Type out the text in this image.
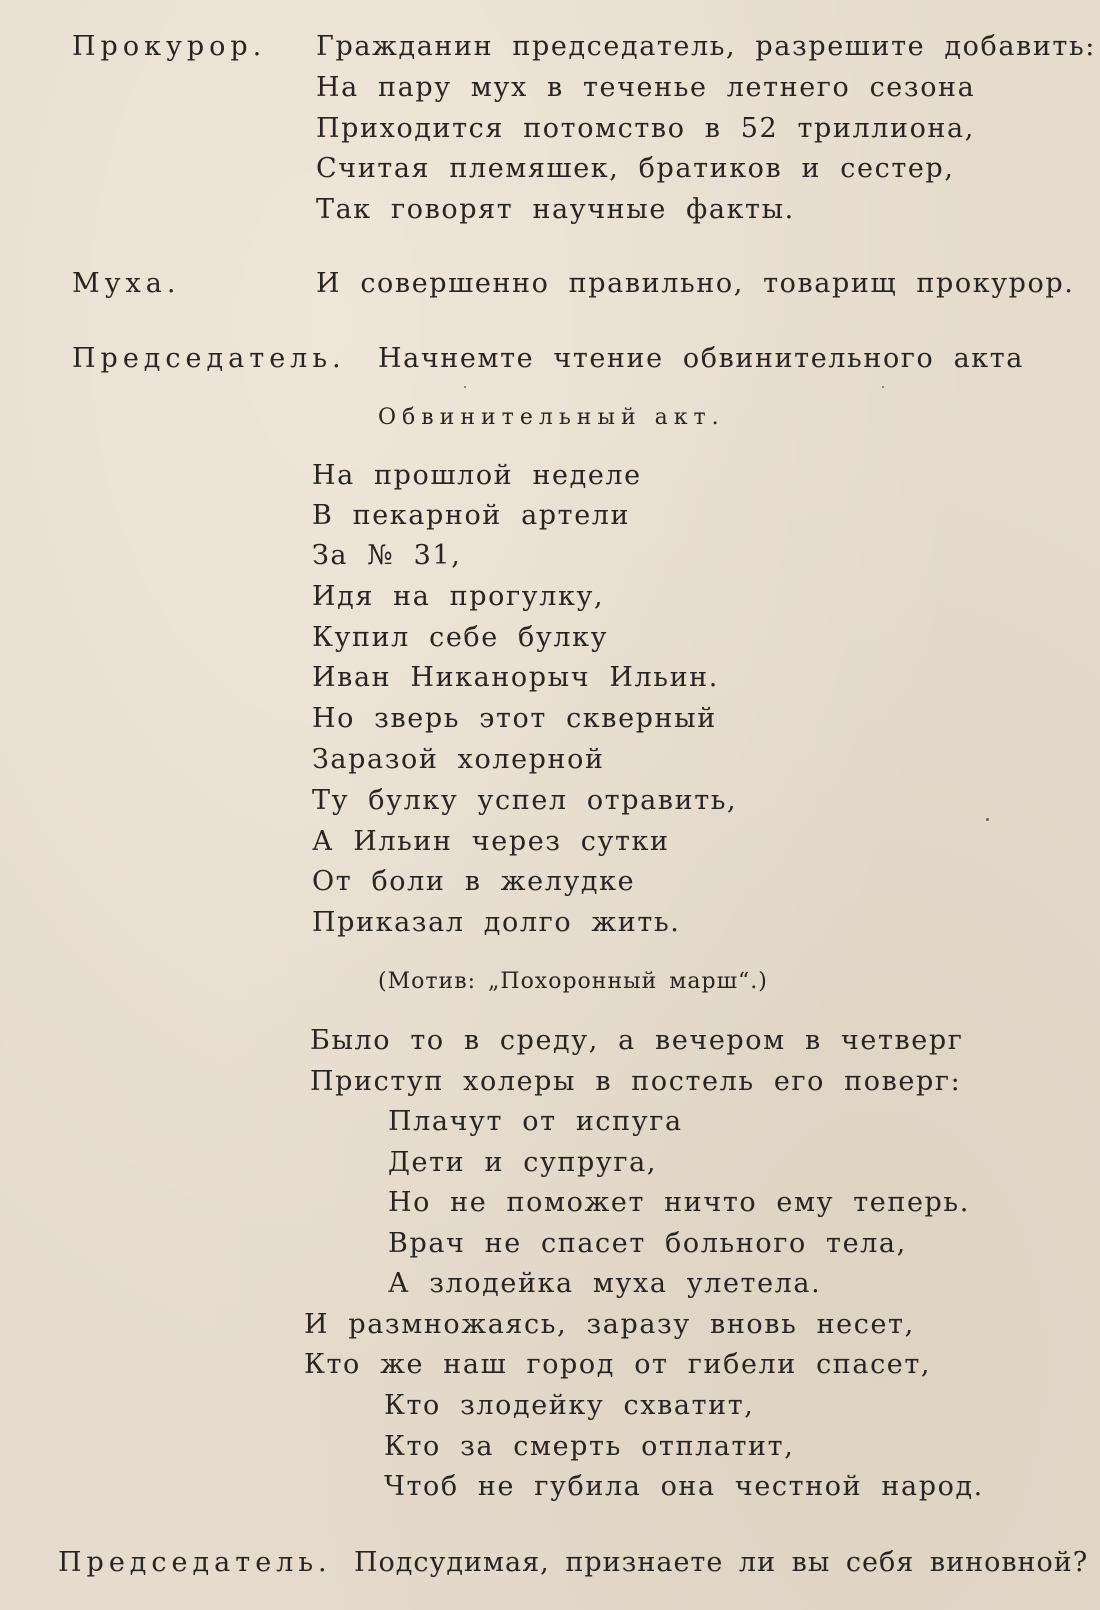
Прокурор. Гражданин председатель, разрешите добавить:
На пару мух в теченье летнего сезона
Приходится потомство в 52 триллиона,
Считая племяшек, братиков и сестер,
Так говорят научные факты.
Муха.	И совершенно правильно, товарищ прокурор.
Председатель. Начнемте чтение обвинительного акта
Обвинительный акт.
На прошлой неделе
В пекарной артели
За № 31,
Идя на прогулку,
Купил себе булку
Иван Никанорыч Ильин.
Но зверь этот скверный
Заразой холерной
Ту булку успел отравить,
А Ильин через сутки
От боли в желудке
Приказал долго жить.
(Мотив: „Похоронный марш“.)
Было то в среду, а вечером в четверг
Приступ холеры в постель его поверг:
Плачут от испуга
Дети и супруга,
Но не поможет ничто ему теперь.
Врач не спасет больного тела,
А злодейка муха улетела.
И размножаясь, заразу вновь несет,
Кто же наш город от гибели спасет,
Кто злодейку схватит,
Кто за смерть отплатит,
Чтоб не губила она честной народ.
Председатель. Подсудимая, признаете ли вы себя виновной?
